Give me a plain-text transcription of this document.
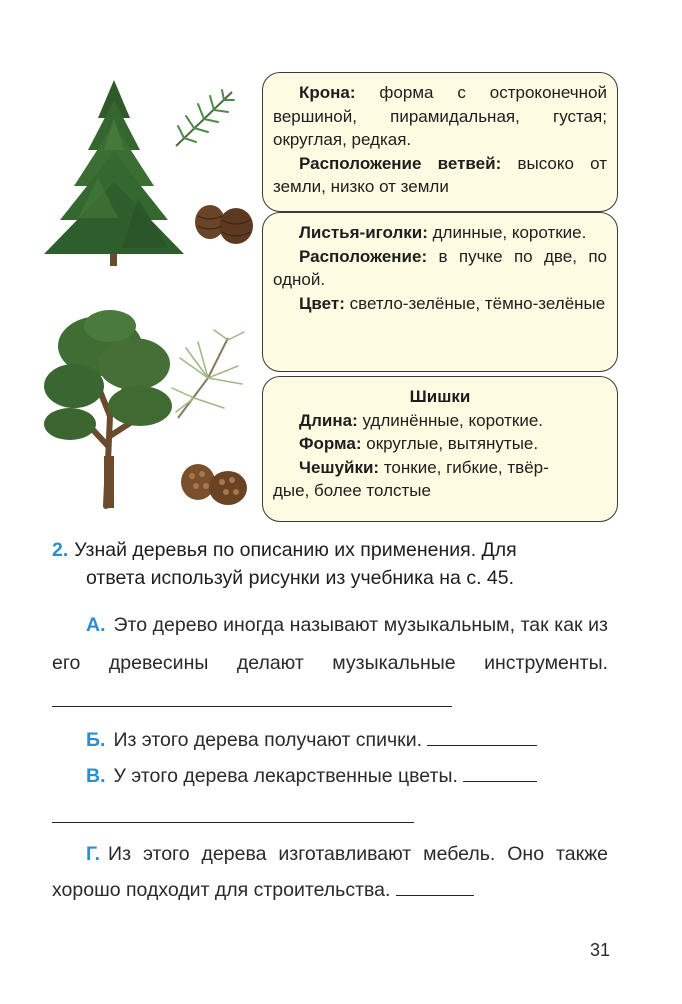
Крона: форма с остроконечной вершиной, пирамидальная, густая; округлая, редкая.

Расположение ветвей: высоко от земли, низко от земли

Листья-иголки: длинные, короткие.

Расположение: в пучке по две, по одной.

Цвет: светло-зелёные, тёмно-зелёные

Шишки

Длина: удлинённые, короткие.

Форма: округлые, вытянутые.

Чешуйки: тонкие, гибкие, твёр-

дые, более толстые

2. Узнай деревья по описанию их применения. Для
ответа используй рисунки из учебника на с. 45.

А. Это дерево иногда называют музыкальным, так как из его древесины делают музыкальные инструменты.

Б. Из этого дерева получают спички.

В. У этого дерева лекарственные цветы.

Г. Из этого дерева изготавливают мебель. Оно также хорошо подходит для строительства.

31
